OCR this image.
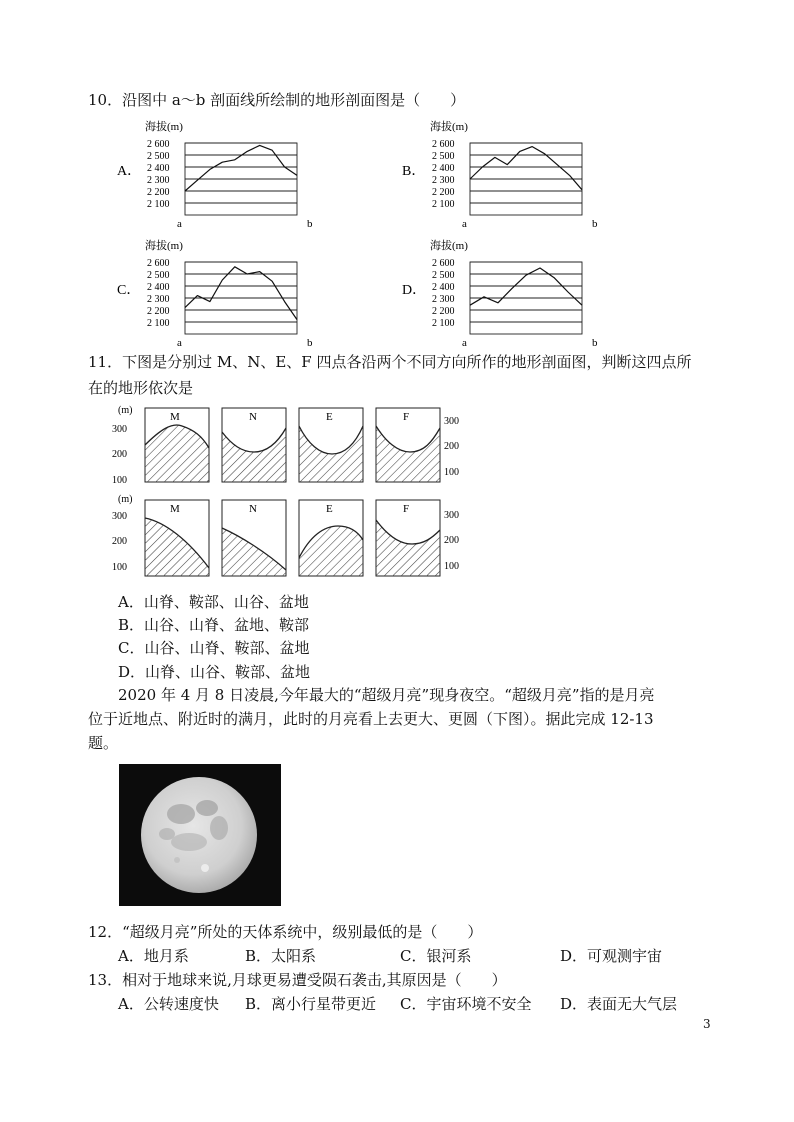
10．沿图中 a～b 剖面线所绘制的地形剖面图是（　　）
A．
海拔(m)
2 600
2 500
2 400
2 300
2 200
2 100
a	b
B．
海拔(m)
2 600
2 500
2 400
2 300
2 200
2 100
a	b
C．
海拔(m)
2 600
2 500
2 400
2 300
2 200
2 100
a	b
D．
海拔(m)
2 600
2 500
2 400
2 300
2 200
2 100
a	b
11．下图是分别过 M、N、E、F 四点各沿两个不同方向所作的地形剖面图，判断这四点所
在的地形依次是
(m)
300
200
100
M	N	E	F	300
200
100
(m)
300
200
100
M	N	E	F
300
200
100
A．山脊、鞍部、山谷、盆地
B．山谷、山脊、盆地、鞍部
C．山谷、山脊、鞍部、盆地
D．山脊、山谷、鞍部、盆地
2020 年 4 月 8 日凌晨,今年最大的“超级月亮”现身夜空。“超级月亮”指的是月亮
位于近地点、附近时的满月，此时的月亮看上去更大、更圆（下图）。据此完成 12-13
题。
12．“超级月亮”所处的天体系统中，级别最低的是（　　）
A．地月系	B．太阳系	C．银河系	D．可观测宇宙
13．相对于地球来说,月球更易遭受陨石袭击,其原因是（　　）
A．公转速度快 B．离小行星带更近 C．宇宙环境不安全 D．表面无大气层
3
